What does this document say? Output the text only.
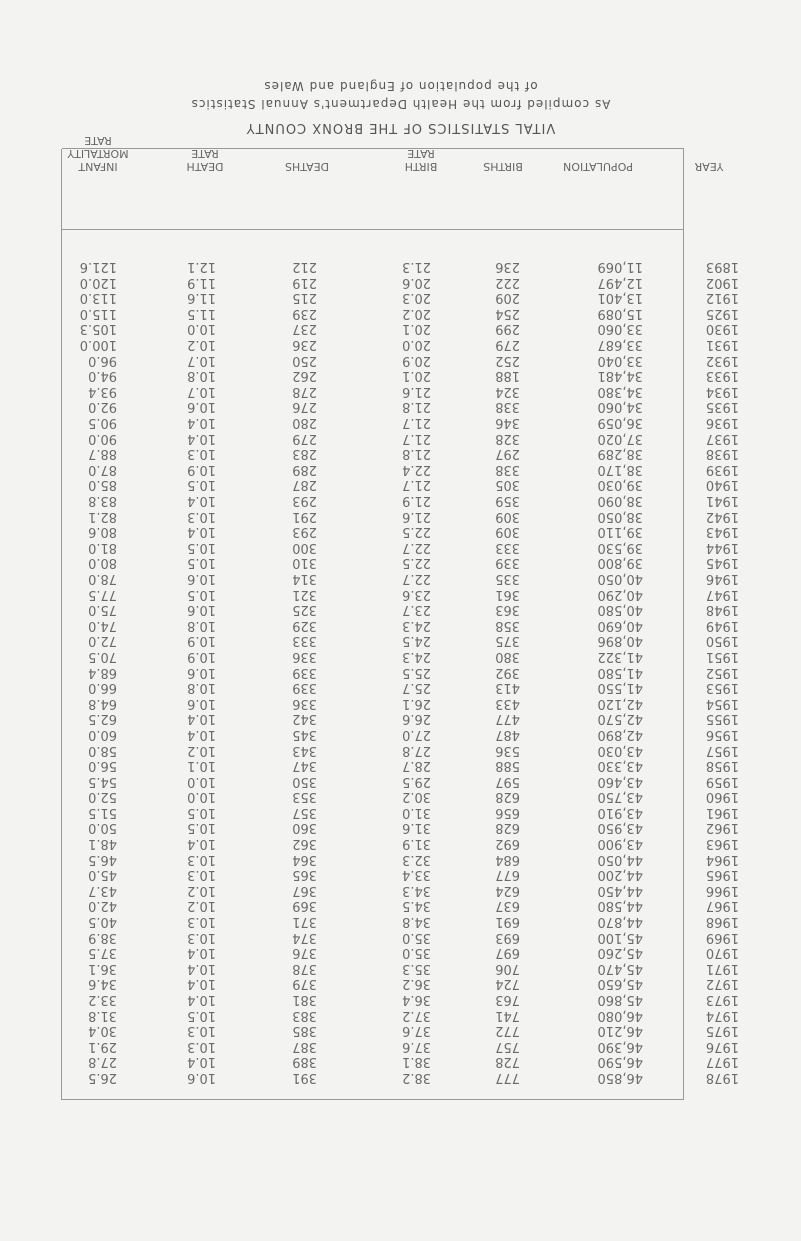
VITAL STATISTICS OF THE BRONX COUNTY
As compiled from the Health Department's Annual Statistics
of the population of England and Wales
YEAR
POPULATION
BIRTHS
BIRTH
RATE
DEATHS
DEATH
RATE
INFANT
MORTALITY
RATE
1978
1977
1976
1975
1974
1973
1972
1971
1970
1969
1968
1967
1966
1965
1964
1963
1962
1961
1960
1959
1958
1957
1956
1955
1954
1953
1952
1951
1950
1949
1948
1947
1946
1945
1944
1943
1942
1941
1940
1939
1938
1937
1936
1935
1934
1933
1932
1931
1930
1925
1912
1902
1893
46,850
46,590
46,390
46,210
46,080
45,860
45,650
45,470
45,260
45,100
44,870
44,580
44,450
44,200
44,050
43,900
43,950
43,910
43,750
43,460
43,330
43,030
42,890
42,570
42,120
41,550
41,580
41,322
40,896
40,690
40,580
40,290
40,050
39,800
39,530
39,110
38,050
38,090
39,030
38,170
38,289
37,020
36,059
34,060
34,380
34,481
33,040
33,687
33,060
15,089
13,401
12,497
11,069
777
728
757
772
741
763
724
706
697
693
691
637
624
677
684
692
628
656
628
597
588
536
487
477
433
413
392
380
375
358
363
361
335
339
333
309
309
359
305
338
297
328
346
338
324
188
252
279
299
254
209
222
236
38.2
38.1
37.6
37.6
37.2
36.4
36.2
35.3
35.0
35.0
34.8
34.5
34.3
33.4
32.3
31.9
31.6
31.0
30.2
29.5
28.7
27.8
27.0
26.6
26.1
25.7
25.5
24.3
24.5
24.3
23.7
23.6
22.7
22.5
22.7
22.5
21.6
21.9
21.7
22.4
21.8
21.7
21.7
21.8
21.6
20.1
20.9
20.0
20.1
20.2
20.3
20.6
21.3
391
389
387
385
383
381
379
378
376
374
371
369
367
365
364
362
360
357
353
350
347
343
345
342
336
339
339
336
333
329
325
321
314
310
300
293
291
293
287
289
283
279
280
276
278
262
250
236
237
239
215
219
212
10.6
10.4
10.3
10.3
10.5
10.4
10.4
10.4
10.4
10.3
10.3
10.2
10.2
10.3
10.3
10.4
10.5
10.5
10.0
10.0
10.1
10.2
10.4
10.4
10.6
10.8
10.6
10.9
10.9
10.8
10.6
10.5
10.6
10.5
10.5
10.4
10.3
10.4
10.5
10.9
10.3
10.4
10.4
10.6
10.7
10.8
10.7
10.2
10.0
11.5
11.6
11.9
12.1
26.5
27.8
29.1
30.4
31.8
33.2
34.6
36.1
37.5
38.9
40.5
42.0
43.7
45.0
46.5
48.1
50.0
51.5
52.0
54.5
56.0
58.0
60.0
62.5
64.8
66.0
68.4
70.5
72.0
74.0
75.0
77.5
78.0
80.0
81.0
80.6
82.1
83.8
85.0
87.0
88.7
90.0
90.5
92.0
93.4
94.0
96.0
100.0
105.3
115.0
113.0
120.0
121.6
